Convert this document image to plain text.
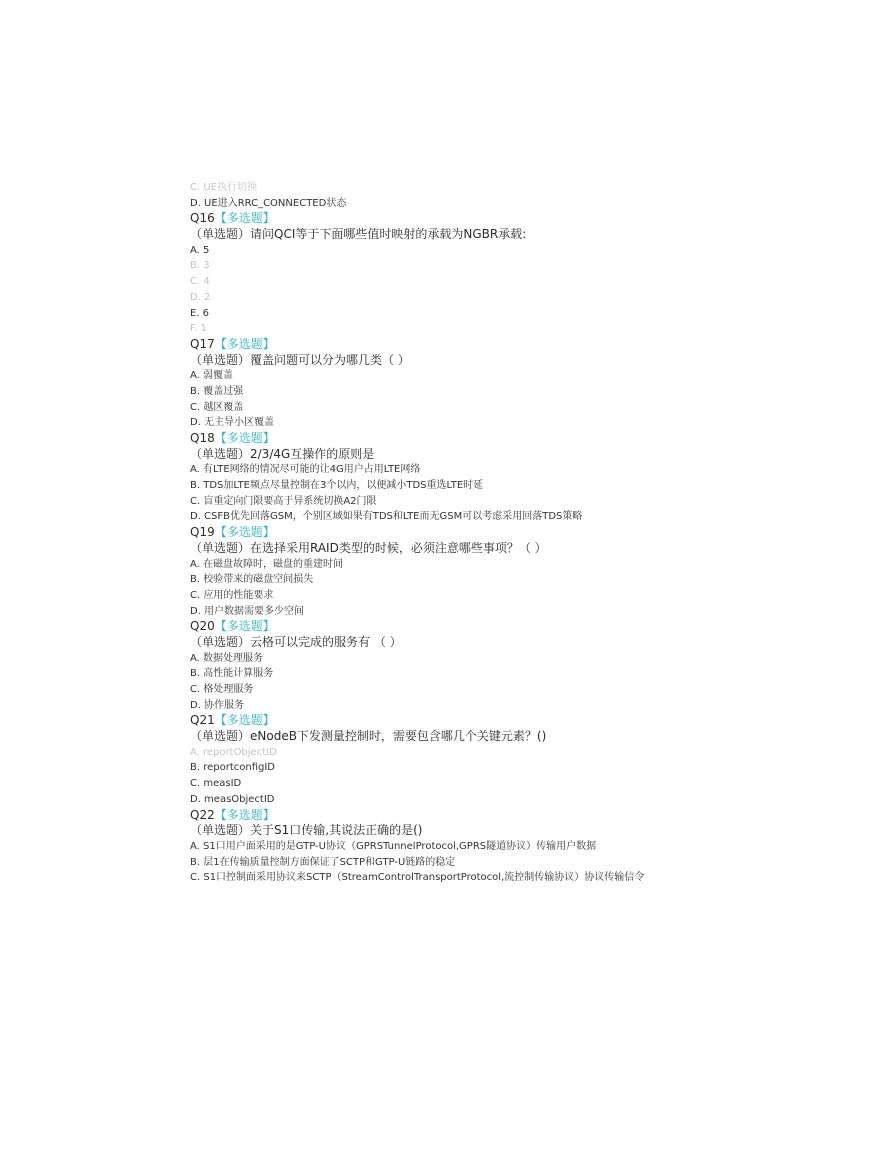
C. UE执行切换
D. UE进入RRC_CONNECTED状态
Q16【多选题】
（单选题）请问QCI等于下面哪些值时映射的承载为NGBR承载:
A. 5
B. 3
C. 4
D. 2
E. 6
F. 1
Q17【多选题】
（单选题）覆盖问题可以分为哪几类（ ）
A. 弱覆盖
B. 覆盖过强
C. 越区覆盖
D. 无主导小区覆盖
Q18【多选题】
（单选题）2/3/4G互操作的原则是
A. 有LTE网络的情况尽可能的让4G用户占用LTE网络
B. TDS加LTE频点尽量控制在3个以内，以便减小TDS重选LTE时延
C. 盲重定向门限要高于异系统切换A2门限
D. CSFB优先回落GSM，个别区域如果有TDS和LTE而无GSM可以考虑采用回落TDS策略
Q19【多选题】
（单选题）在选择采用RAID类型的时候，必须注意哪些事项？（ ）
A. 在磁盘故障时，磁盘的重建时间
B. 校验带来的磁盘空间损失
C. 应用的性能要求
D. 用户数据需要多少空间
Q20【多选题】
（单选题）云格可以完成的服务有 （ ）
A. 数据处理服务
B. 高性能计算服务
C. 格处理服务
D. 协作服务
Q21【多选题】
（单选题）eNodeB下发测量控制时，需要包含哪几个关键元素？()
A. reportObjectID
B. reportconfigID
C. measID
D. measObjectID
Q22【多选题】
（单选题）关于S1口传输,其说法正确的是()
A. S1口用户面采用的是GTP-U协议（GPRSTunnelProtocol,GPRS隧道协议）传输用户数据
B. 层1在传输质量控制方面保证了SCTP和GTP-U链路的稳定
C. S1口控制面采用协议来SCTP（StreamControlTransportProtocol,流控制传输协议）协议传输信令
